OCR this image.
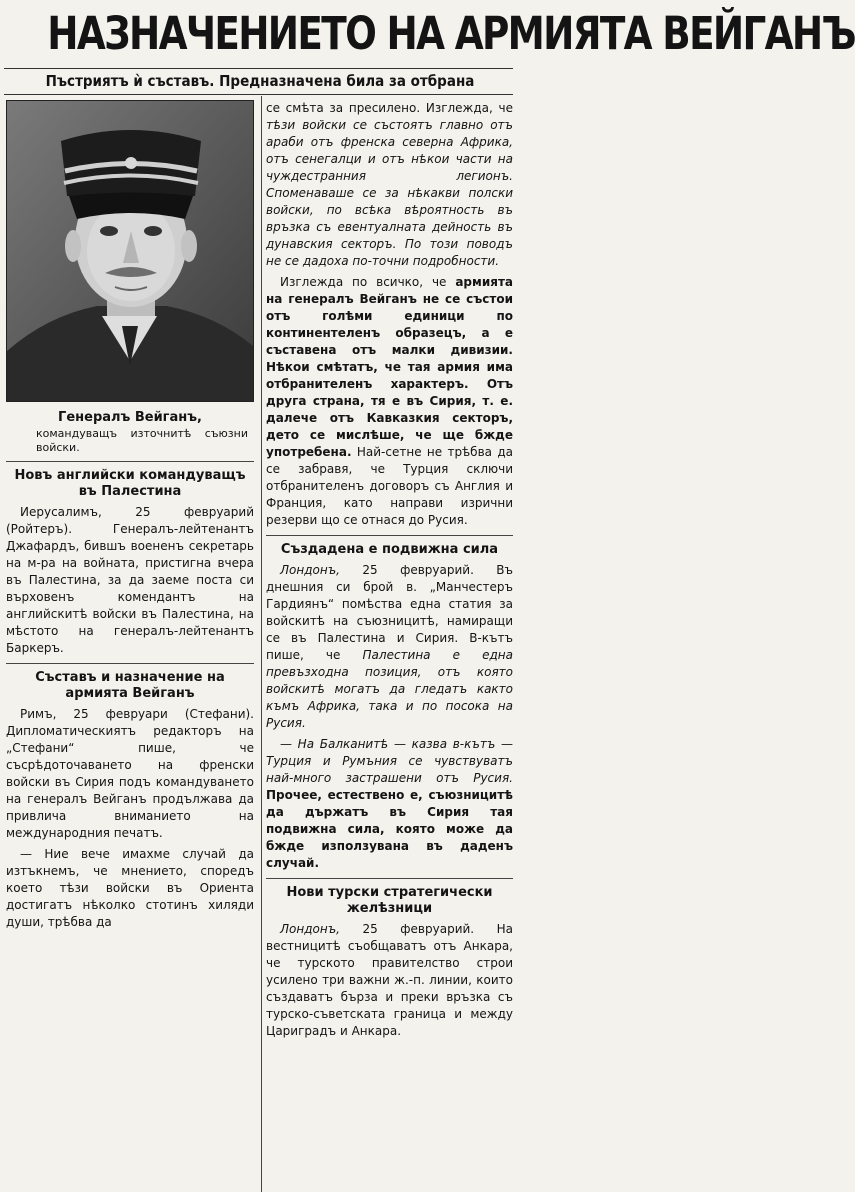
НАЗНАЧЕНИЕТО НА АРМИЯТА ВЕЙГАНЪ
Пъстриятъ ѝ съставъ. Предназначена била за отбрана
Генералъ Вейганъ,
командуващъ източнитѣ съюзни войски.
Новъ английски командуващъ въ Палестина

Иерусалимъ, 25 февруарий (Ройтеръ). Генералъ-лейтенантъ Джафардъ, бившъ воененъ секретарь на м-ра на войната, пристигна вчера въ Палестина, за да заеме поста си върховенъ комендантъ на английскитѣ войски въ Палестина, на мѣстото на генералъ-лейтенантъ Баркеръ.

Съставъ и назначение на армията Вейганъ

Римъ, 25 февруари (Стефани). Дипломатическиятъ редакторъ на „Стефани“ пише, че съсрѣдоточаването на френски войски въ Сирия подъ командуването на генералъ Вейганъ продължава да привлича вниманието на международния печатъ.

— Ние вече имахме случай да изтъкнемъ, че мнението, споредъ което тѣзи войски въ Ориента достигатъ нѣколко стотинъ хиляди души, трѣбва да

се смѣта за пресилено. Изглежда, че тѣзи войски се състоятъ главно отъ араби отъ френска северна Африка, отъ сенегалци и отъ нѣкои части на чуждестранния легионъ. Споменаваше се за нѣкакви полски войски, по всѣка вѣроятность въ връзка съ евентуалната дейность въ дунавския секторъ. По този поводъ не се дадоха по-точни подробности.

Изглежда по всичко, че армията на генералъ Вейганъ не се състои отъ голѣми единици по континентеленъ образецъ, а е съставена отъ малки дивизии. Нѣкои смѣтатъ, че тая армия има отбранителенъ характеръ. Отъ друга страна, тя е въ Сирия, т. е. далече отъ Кавказкия секторъ, дето се мислѣше, че ще бжде употребена. Най-сетне не трѣбва да се забравя, че Турция сключи отбранителенъ договоръ съ Англия и Франция, като направи изрични резерви що се отнася до Русия.

Създадена е подвижна сила

Лондонъ, 25 февруарий. Въ днешния си брой в. „Манчестеръ Гардиянъ“ помѣства една статия за войскитѣ на съюзницитѣ, намиращи се въ Палестина и Сирия. В-кътъ пише, че Палестина е една превъзходна позиция, отъ която войскитѣ могатъ да гледатъ както къмъ Африка, така и по посока на Русия.

— На Балканитѣ — казва в-кътъ — Турция и Румъния се чувствуватъ най-много застрашени отъ Русия. Прочее, естествено е, съюзницитѣ да държатъ въ Сирия тая подвижна сила, която може да бжде използувана въ даденъ случай.

Нови турски стратегически желѣзници

Лондонъ, 25 февруарий. На вестницитѣ съобщаватъ отъ Анкара, че турското правителство строи усилено три важни ж.-п. линии, които създаватъ бърза и преки връзка съ турско-съветската граница и между Цариградъ и Анкара.
